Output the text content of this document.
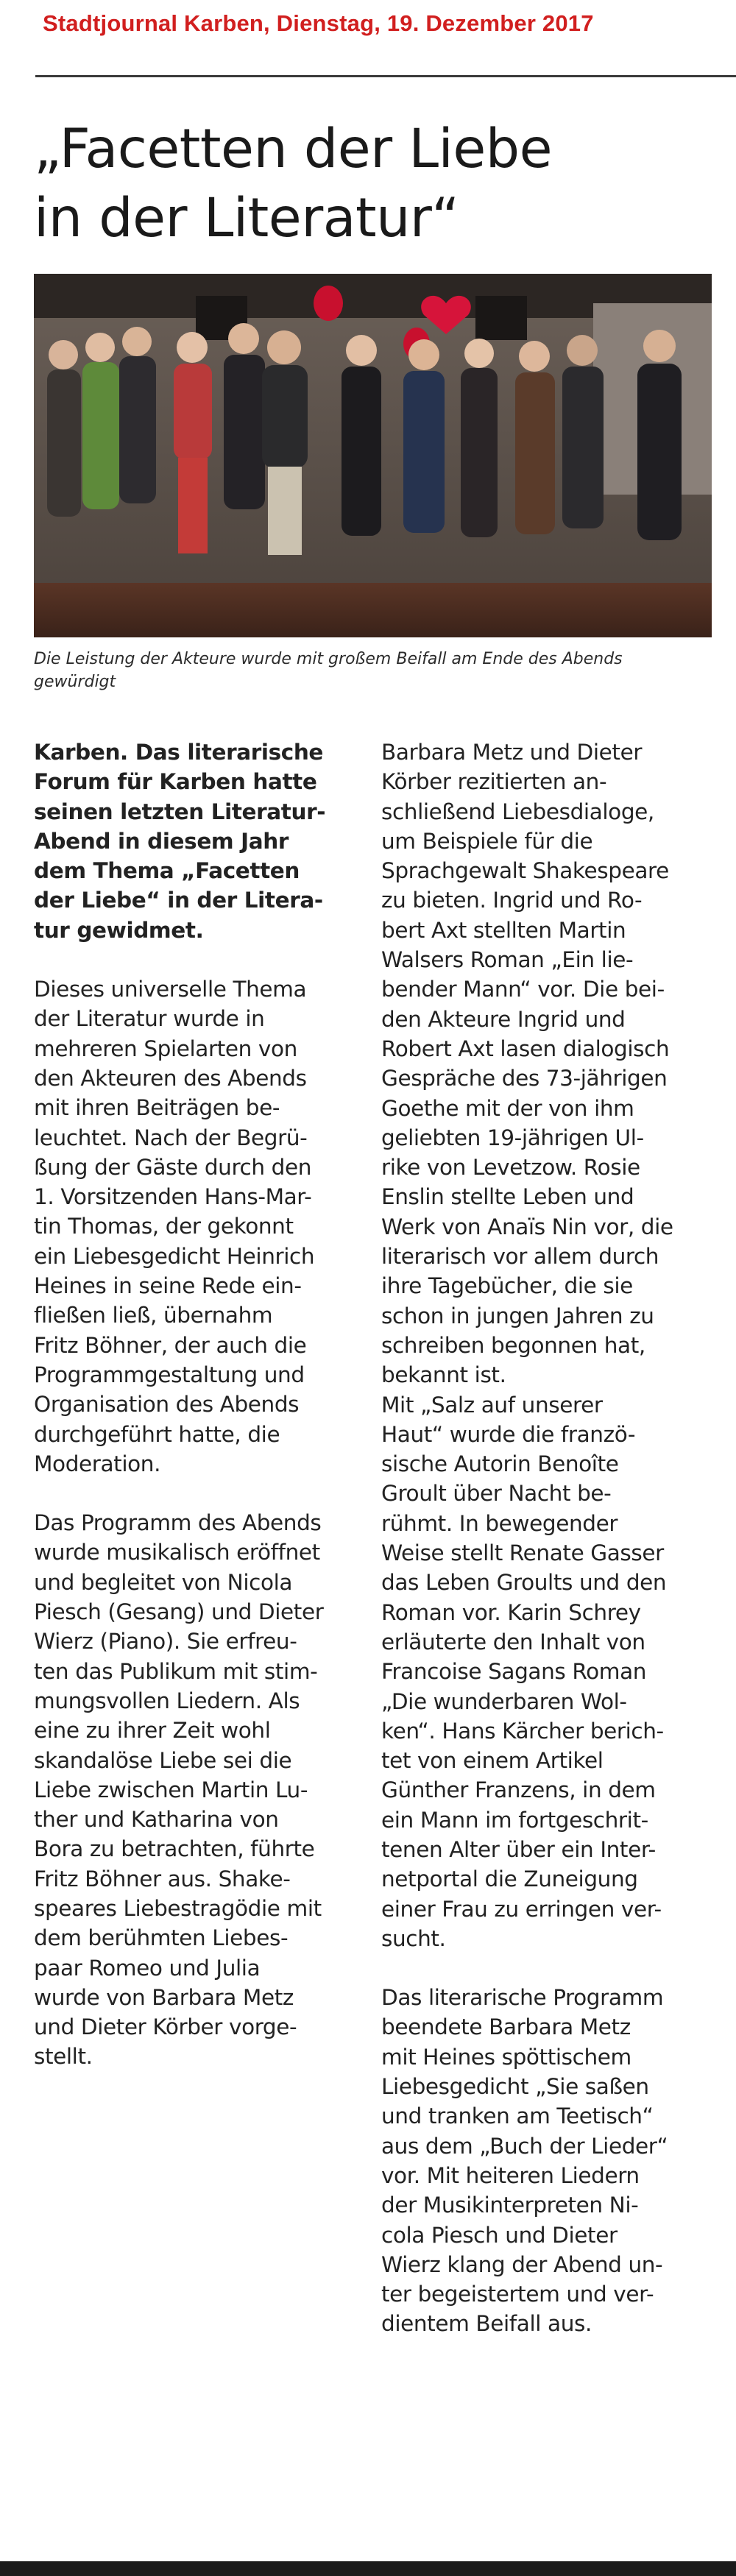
Stadtjournal Karben, Dienstag, 19. Dezember 2017
„Facetten der Liebe
in der Literatur“
Die Leistung der Akteure wurde mit großem Beifall am Ende des Abends gewürdigt

Karben. Das literarische
Forum für Karben hatte
seinen letzten Literatur-
Abend in diesem Jahr
dem Thema „Facetten
der Liebe“ in der Litera-
tur gewidmet.

Dieses universelle Thema
der Literatur wurde in
mehreren Spielarten von
den Akteuren des Abends
mit ihren Beiträgen be-
leuchtet. Nach der Begrü-
ßung der Gäste durch den
1. Vorsitzenden Hans-Mar-
tin Thomas, der gekonnt
ein Liebesgedicht Heinrich
Heines in seine Rede ein-
fließen ließ, übernahm
Fritz Böhner, der auch die
Programmgestaltung und
Organisation des Abends
durchgeführt hatte, die
Moderation.

Das Programm des Abends
wurde musikalisch eröffnet
und begleitet von Nicola
Piesch (Gesang) und Dieter
Wierz (Piano). Sie erfreu-
ten das Publikum mit stim-
mungsvollen Liedern. Als
eine zu ihrer Zeit wohl
skandalöse Liebe sei die
Liebe zwischen Martin Lu-
ther und Katharina von
Bora zu betrachten, führte
Fritz Böhner aus. Shake-
speares Liebestragödie mit
dem berühmten Liebes-
paar Romeo und Julia
wurde von Barbara Metz
und Dieter Körber vorge-
stellt.

Barbara Metz und Dieter
Körber rezitierten an-
schließend Liebesdialoge,
um Beispiele für die
Sprachgewalt Shakespeare
zu bieten. Ingrid und Ro-
bert Axt stellten Martin
Walsers Roman „Ein lie-
bender Mann“ vor. Die bei-
den Akteure Ingrid und
Robert Axt lasen dialogisch
Gespräche des 73-jährigen
Goethe mit der von ihm
geliebten 19-jährigen Ul-
rike von Levetzow. Rosie
Enslin stellte Leben und
Werk von Anaïs Nin vor, die
literarisch vor allem durch
ihre Tagebücher, die sie
schon in jungen Jahren zu
schreiben begonnen hat,
bekannt ist.
Mit „Salz auf unserer
Haut“ wurde die franzö-
sische Autorin Benoîte
Groult über Nacht be-
rühmt. In bewegender
Weise stellt Renate Gasser
das Leben Groults und den
Roman vor. Karin Schrey
erläuterte den Inhalt von
Francoise Sagans Roman
„Die wunderbaren Wol-
ken“. Hans Kärcher berich-
tet von einem Artikel
Günther Franzens, in dem
ein Mann im fortgeschrit-
tenen Alter über ein Inter-
netportal die Zuneigung
einer Frau zu erringen ver-
sucht.

Das literarische Programm
beendete Barbara Metz
mit Heines spöttischem
Liebesgedicht „Sie saßen
und tranken am Teetisch“
aus dem „Buch der Lieder“
vor. Mit heiteren Liedern
der Musikinterpreten Ni-
cola Piesch und Dieter
Wierz klang der Abend un-
ter begeistertem und ver-
dientem Beifall aus.
